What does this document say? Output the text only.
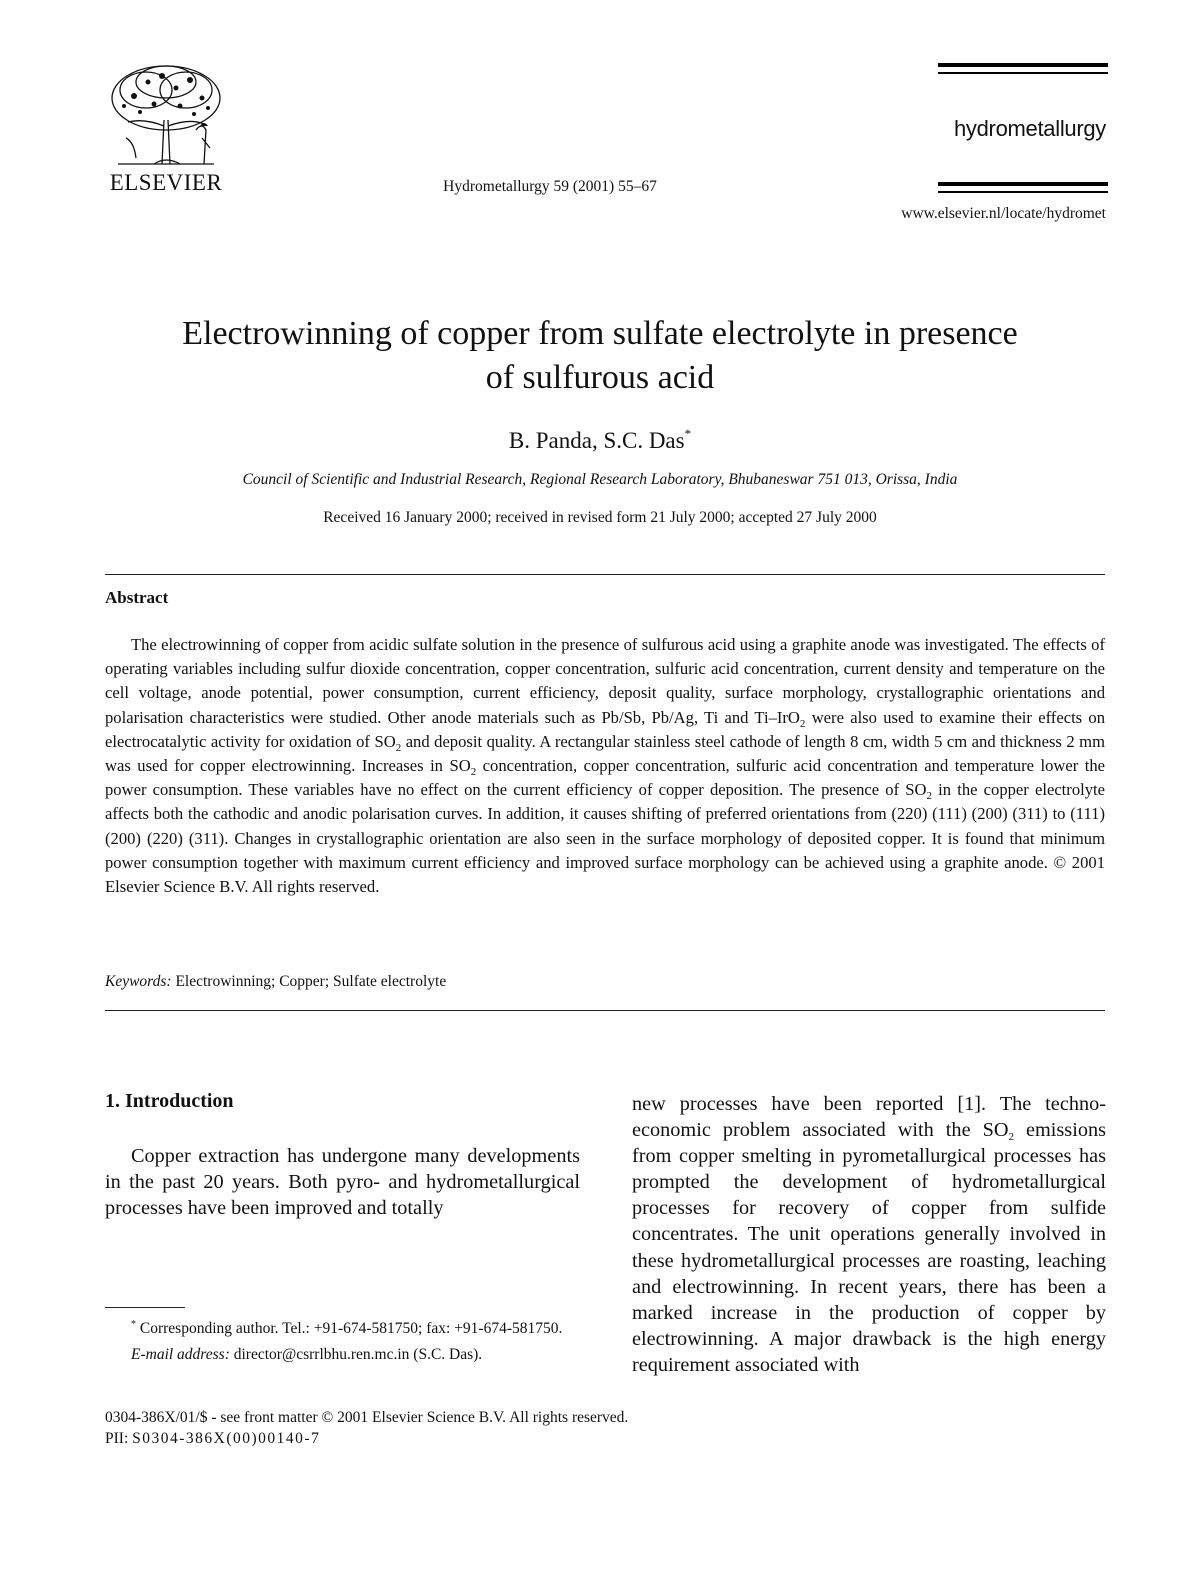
ELSEVIER	Hydrometallurgy 59 (2001) 55–67
hydrometallurgy
www.elsevier.nl/locate/hydromet
Electrowinning of copper from sulfate electrolyte in presence
of sulfurous acid
B. Panda, S.C. Das*
Council of Scientific and Industrial Research, Regional Research Laboratory, Bhubaneswar 751 013, Orissa, India
Received 16 January 2000; received in revised form 21 July 2000; accepted 27 July 2000
Abstract

The electrowinning of copper from acidic sulfate solution in the presence of sulfurous acid using a graphite anode was investigated. The effects of operating variables including sulfur dioxide concentration, copper concentration, sulfuric acid concentration, current density and temperature on the cell voltage, anode potential, power consumption, current efficiency, deposit quality, surface morphology, crystallographic orientations and polarisation characteristics were studied. Other anode materials such as Pb/Sb, Pb/Ag, Ti and Ti–IrO$_2$ were also used to examine their effects on electrocatalytic activity for oxidation of $SO_2$ and deposit quality. A rectangular stainless steel cathode of length 8 cm, width 5 cm and thickness 2 mm was used for copper electrowinning. Increases in $SO_2$ concentration, copper concentration, sulfuric acid concentration and temperature lower the power consumption. These variables have no effect on the current efficiency of copper deposition. The presence of $SO_2$ in the copper electrolyte affects both the cathodic and anodic polarisation curves. In addition, it causes shifting of preferred orientations from (220) (111) (200) (311) to (111) (200) (220) (311). Changes in crystallographic orientation are also seen in the surface morphology of deposited copper. It is found that minimum power consumption together with maximum current efficiency and improved surface morphology can be achieved using a graphite anode. © 2001 Elsevier Science B.V. All rights reserved.

Keywords: Electrowinning; Copper; Sulfate electrolyte
1. Introduction

Copper extraction has undergone many developments in the past 20 years. Both pyro- and hydrometallurgical processes have been improved and totally

new processes have been reported [1]. The techno-economic problem associated with the $SO_2$ emissions from copper smelting in pyrometallurgical processes has prompted the development of hydrometallurgical processes for recovery of copper from sulfide concentrates. The unit operations generally involved in these hydrometallurgical processes are roasting, leaching and electrowinning. In recent years, there has been a marked increase in the production of copper by electrowinning. A major drawback is the high energy requirement associated with

* Corresponding author. Tel.: +91-674-581750; fax: +91-674-581750.
E-mail address: director@csrrlbhu.ren.mc.in (S.C. Das).
0304-386X/01/$ - see front matter © 2001 Elsevier Science B.V. All rights reserved.
PII: S0304-386X(00)00140-7
